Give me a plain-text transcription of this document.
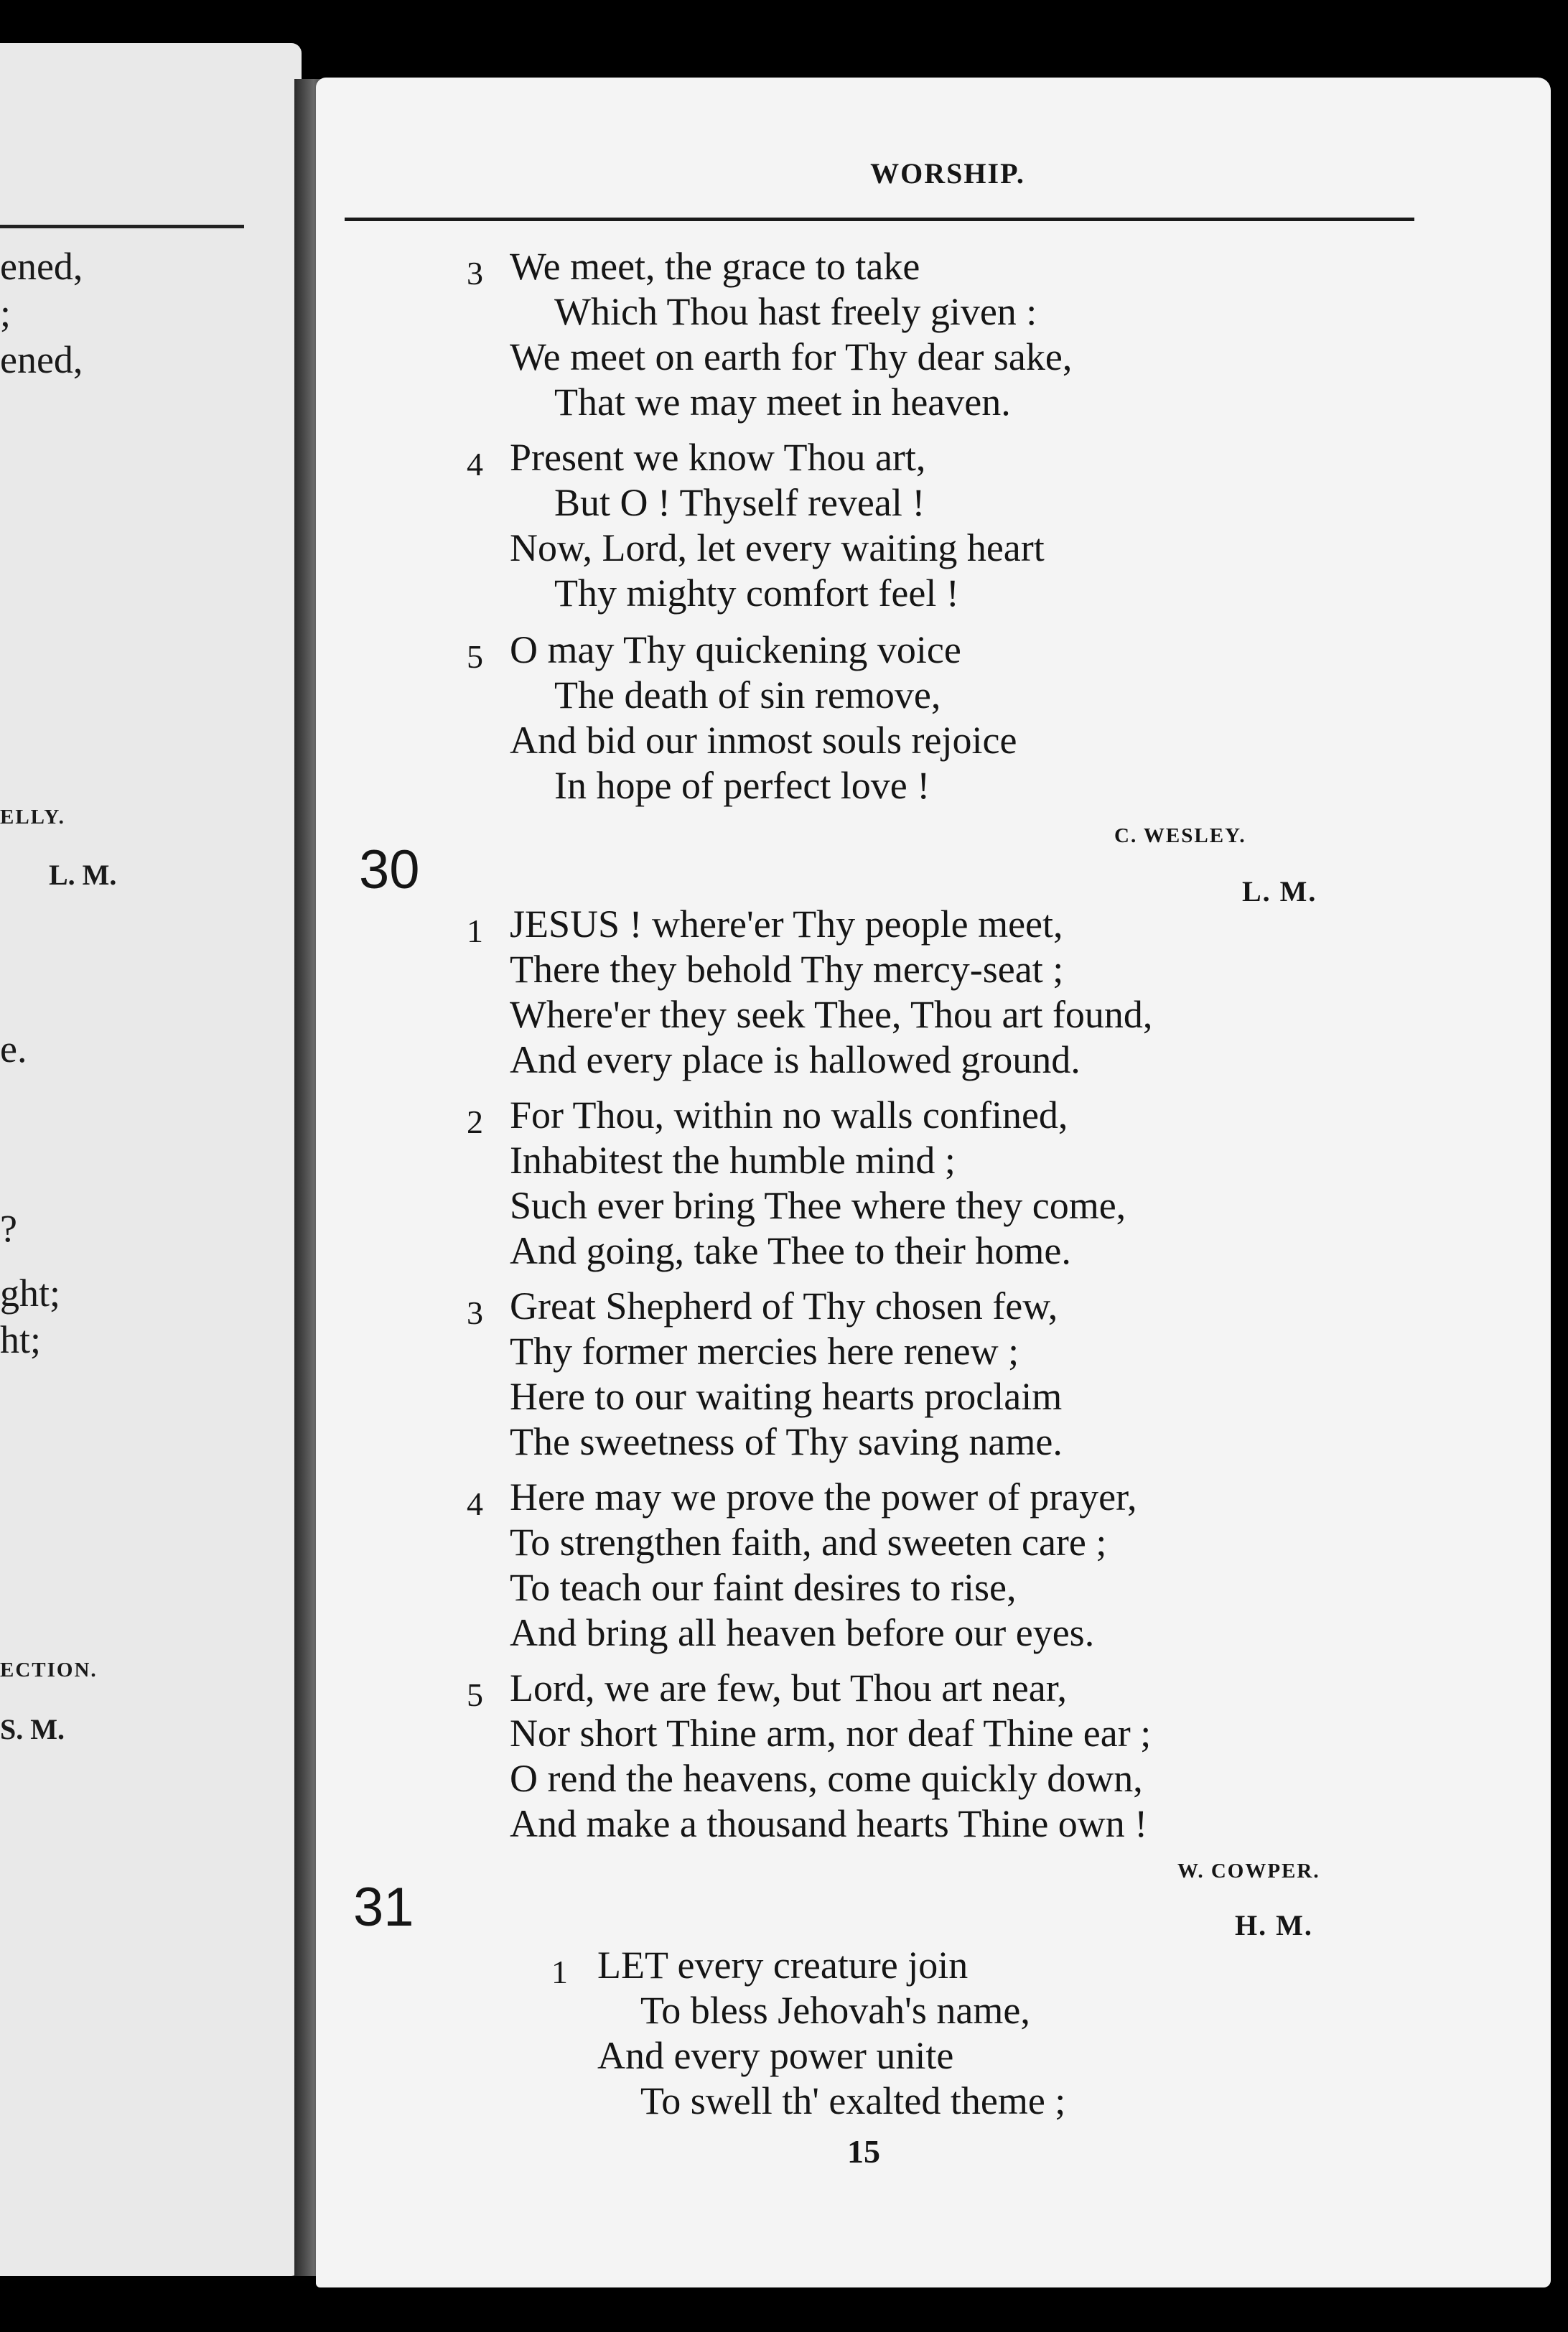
ened,
;
ened,
ELLY.
L. M.
e.
?
ght;
ht;
ECTION.
S. M.
WORSHIP.
3 We meet, the grace to take
Which Thou hast freely given :
We meet on earth for Thy dear sake,
That we may meet in heaven.
4 Present we know Thou art,
But O ! Thyself reveal !
Now, Lord, let every waiting heart
Thy mighty comfort feel !
5 O may Thy quickening voice
The death of sin remove,
And bid our inmost souls rejoice
In hope of perfect love !
C. WESLEY.
30	L. M.
1 JESUS ! where'er Thy people meet,
There they behold Thy mercy-seat ;
Where'er they seek Thee, Thou art found,
And every place is hallowed ground.
2 For Thou, within no walls confined,
Inhabitest the humble mind ;
Such ever bring Thee where they come,
And going, take Thee to their home.
3 Great Shepherd of Thy chosen few,
Thy former mercies here renew ;
Here to our waiting hearts proclaim
The sweetness of Thy saving name.
4 Here may we prove the power of prayer,
To strengthen faith, and sweeten care ;
To teach our faint desires to rise,
And bring all heaven before our eyes.
5 Lord, we are few, but Thou art near,
Nor short Thine arm, nor deaf Thine ear ;
O rend the heavens, come quickly down,
And make a thousand hearts Thine own !
W. COWPER.
31	H. M.
1 LET every creature join
To bless Jehovah's name,
And every power unite
To swell th' exalted theme ;
15
